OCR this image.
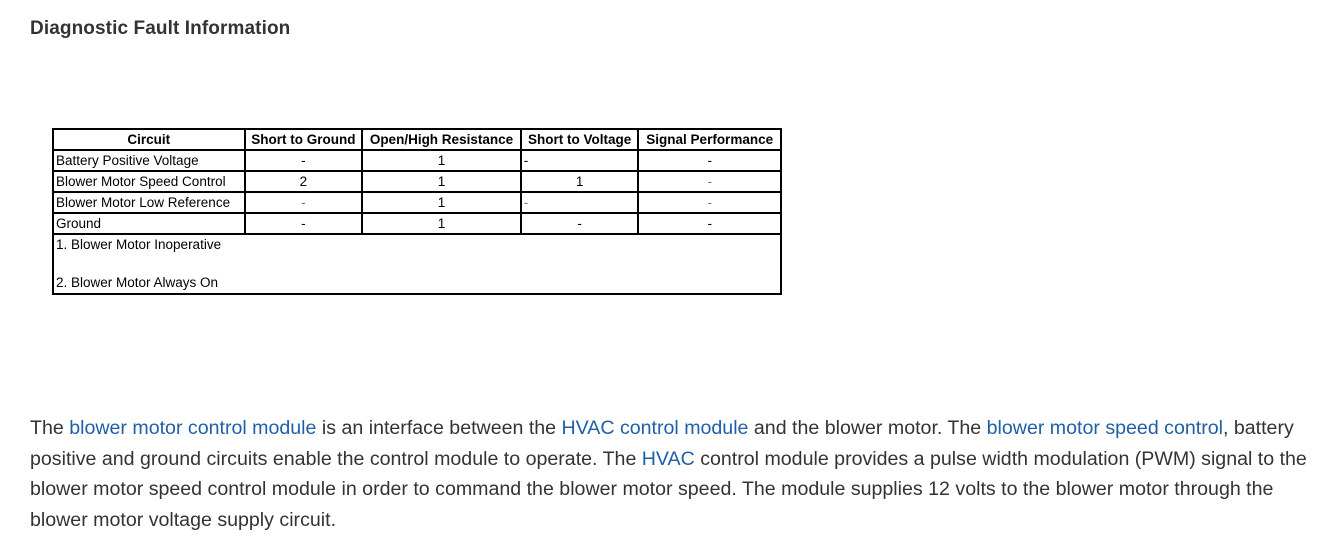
Diagnostic Fault Information
Circuit	Short to Ground	Open/High Resistance	Short to Voltage	Signal Performance
Battery Positive Voltage	-	1	-	-
Blower Motor Speed Control	2	1	1	-
Blower Motor Low Reference	-	1	-	-
Ground	-	1	-	-

1. Blower Motor Inoperative
2. Blower Motor Always On				

The blower motor control module is an interface between the HVAC control module and the blower motor. The blower motor speed control, battery positive and ground circuits enable the control module to operate. The HVAC control module provides a pulse width modulation (PWM) signal to the blower motor speed control module in order to command the blower motor speed. The module supplies 12 volts to the blower motor through the blower motor voltage supply circuit.
